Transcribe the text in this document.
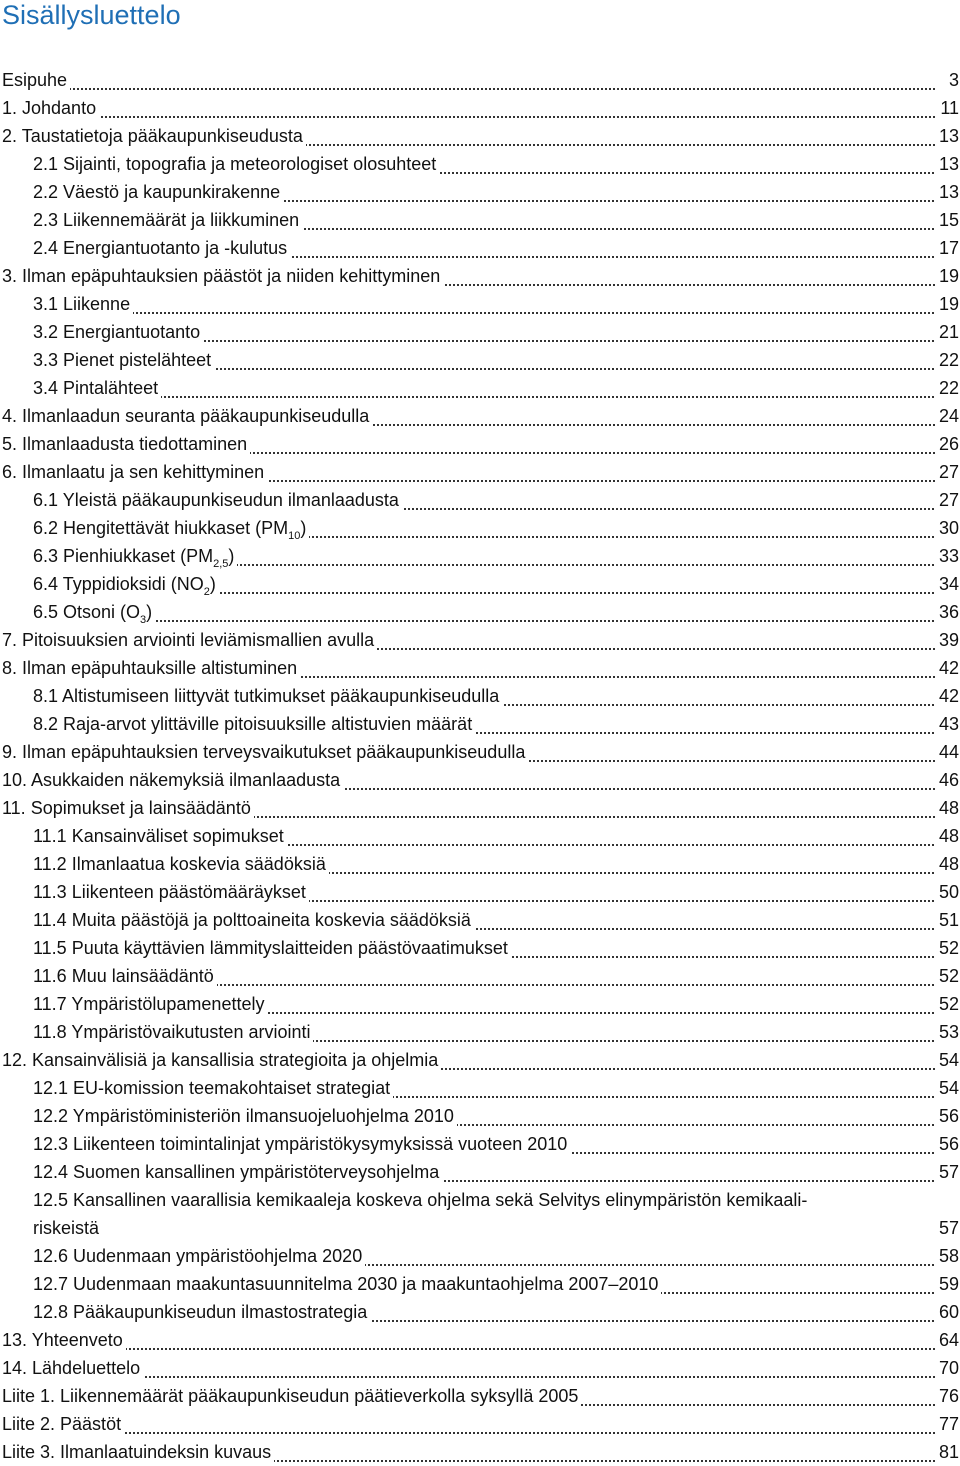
Sisällysluettelo
Esipuhe	3
1. Johdanto	11
2. Taustatietoja pääkaupunkiseudusta	13
2.1 Sijainti, topografia ja meteorologiset olosuhteet	13
2.2 Väestö ja kaupunkirakenne	13
2.3 Liikennemäärät ja liikkuminen	15
2.4 Energiantuotanto ja -kulutus	17
3. Ilman epäpuhtauksien päästöt ja niiden kehittyminen	19
3.1 Liikenne	19
3.2 Energiantuotanto	21
3.3 Pienet pistelähteet	22
3.4 Pintalähteet	22
4. Ilmanlaadun seuranta pääkaupunkiseudulla	24
5. Ilmanlaadusta tiedottaminen	26
6. Ilmanlaatu ja sen kehittyminen	27
6.1 Yleistä pääkaupunkiseudun ilmanlaadusta	27
6.2 Hengitettävät hiukkaset $(PM_{10})$	30
6.3 Pienhiukkaset $(PM_{2,5})$	33
6.4 Typpidioksidi $(NO_2)$	34
6.5 Otsoni $(O_3)$	36
7. Pitoisuuksien arviointi leviämismallien avulla	39
8. Ilman epäpuhtauksille altistuminen	42
8.1 Altistumiseen liittyvät tutkimukset pääkaupunkiseudulla	42
8.2 Raja-arvot ylittäville pitoisuuksille altistuvien määrät	43
9. Ilman epäpuhtauksien terveysvaikutukset pääkaupunkiseudulla	44
10. Asukkaiden näkemyksiä ilmanlaadusta	46
11. Sopimukset ja lainsäädäntö	48
11.1 Kansainväliset sopimukset	48
11.2 Ilmanlaatua koskevia säädöksiä	48
11.3 Liikenteen päästömääräykset	50
11.4 Muita päästöjä ja polttoaineita koskevia säädöksiä	51
11.5 Puuta käyttävien lämmityslaitteiden päästövaatimukset	52
11.6 Muu lainsäädäntö	52
11.7 Ympäristölupamenettely	52
11.8 Ympäristövaikutusten arviointi	53
12. Kansainvälisiä ja kansallisia strategioita ja ohjelmia	54
12.1 EU-komission teemakohtaiset strategiat	54
12.2 Ympäristöministeriön ilmansuojeluohjelma 2010	56
12.3 Liikenteen toimintalinjat ympäristökysymyksissä vuoteen 2010	56
12.4 Suomen kansallinen ympäristöterveysohjelma	57
12.5 Kansallinen vaarallisia kemikaaleja koskeva ohjelma sekä Selvitys elinympäristön kemikaali-
riskeistä	57
12.6 Uudenmaan ympäristöohjelma 2020	58
12.7 Uudenmaan maakuntasuunnitelma 2030 ja maakuntaohjelma 2007–2010	59
12.8 Pääkaupunkiseudun ilmastostrategia	60
13. Yhteenveto	64
14. Lähdeluettelo	70
Liite 1. Liikennemäärät pääkaupunkiseudun päätieverkolla syksyllä 2005	76
Liite 2. Päästöt	77
Liite 3. Ilmanlaatuindeksin kuvaus	81
